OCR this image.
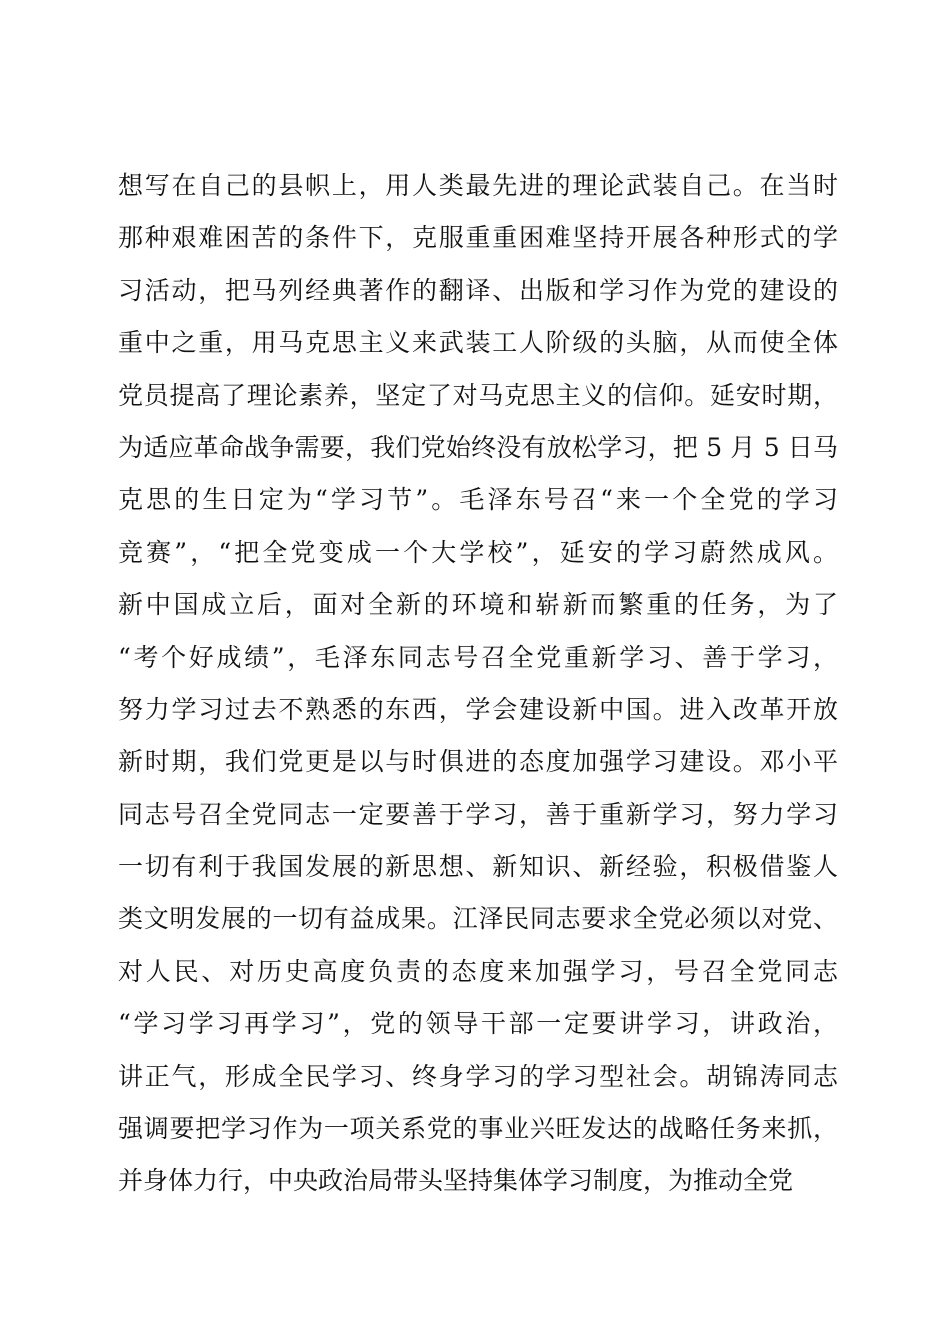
想写在自己的县帜上，用人类最先进的理论武装自己。在当时
那种艰难困苦的条件下，克服重重困难坚持开展各种形式的学
习活动，把马列经典著作的翻译、出版和学习作为党的建设的
重中之重，用马克思主义来武装工人阶级的头脑，从而使全体
党员提高了理论素养，坚定了对马克思主义的信仰。延安时期，
为适应革命战争需要，我们党始终没有放松学习，把 5 月 5 日马
克思的生日定为“学习节”。毛泽东号召“来一个全党的学习
竞赛”，“把全党变成一个大学校”，延安的学习蔚然成风。
新中国成立后，面对全新的环境和崭新而繁重的任务，为了
“考个好成绩”，毛泽东同志号召全党重新学习、善于学习，
努力学习过去不熟悉的东西，学会建设新中国。进入改革开放
新时期，我们党更是以与时俱进的态度加强学习建设。邓小平
同志号召全党同志一定要善于学习，善于重新学习，努力学习
一切有利于我国发展的新思想、新知识、新经验，积极借鉴人
类文明发展的一切有益成果。江泽民同志要求全党必须以对党、
对人民、对历史高度负责的态度来加强学习，号召全党同志
“学习学习再学习”，党的领导干部一定要讲学习，讲政治，
讲正气，形成全民学习、终身学习的学习型社会。胡锦涛同志
强调要把学习作为一项关系党的事业兴旺发达的战略任务来抓，
并身体力行，中央政治局带头坚持集体学习制度，为推动全党
